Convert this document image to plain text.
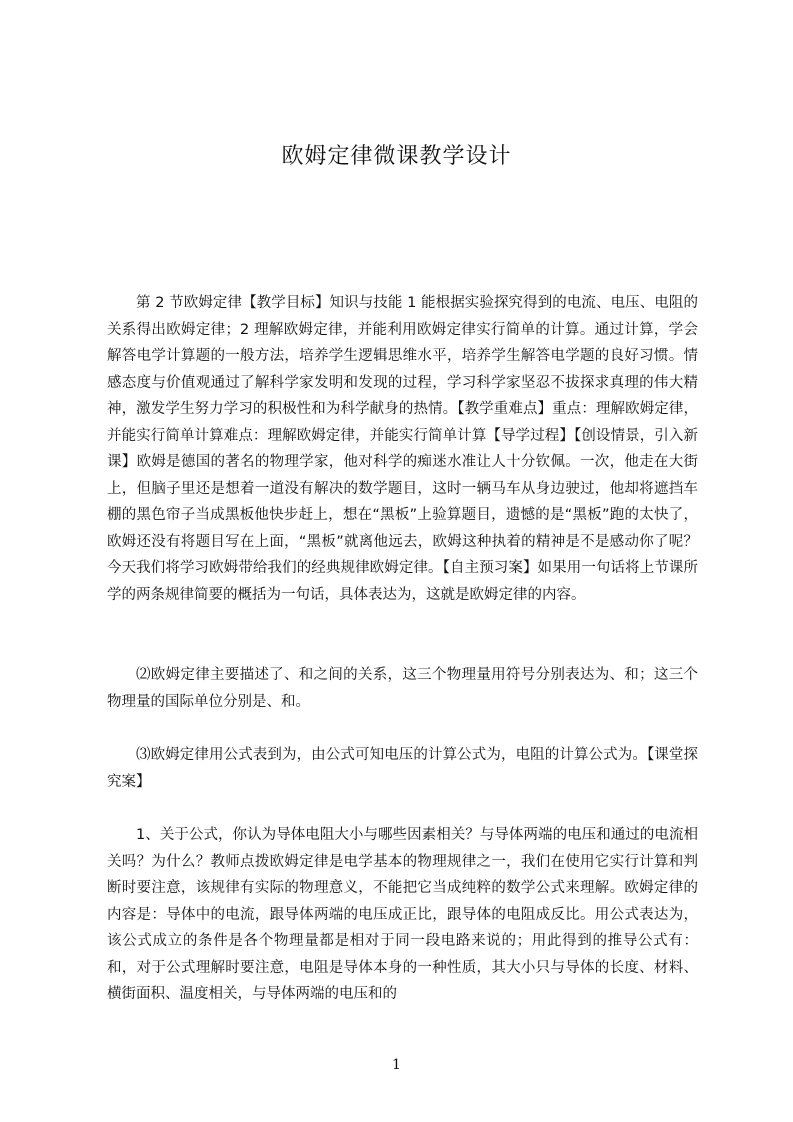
欧姆定律微课教学设计

第 2 节欧姆定律【教学目标】知识与技能 1 能根据实验探究得到的电流、电压、电阻的关系得出欧姆定律；2 理解欧姆定律，并能利用欧姆定律实行简单的计算。通过计算，学会解答电学计算题的一般方法，培养学生逻辑思维水平，培养学生解答电学题的良好习惯。情感态度与价值观通过了解科学家发明和发现的过程，学习科学家坚忍不拔探求真理的伟大精神，激发学生努力学习的积极性和为科学献身的热情。【教学重难点】重点：理解欧姆定律，并能实行简单计算难点：理解欧姆定律，并能实行简单计算【导学过程】【创设情景，引入新课】欧姆是德国的著名的物理学家，他对科学的痴迷水准让人十分钦佩。一次，他走在大街上，但脑子里还是想着一道没有解决的数学题目，这时一辆马车从身边驶过，他却将遮挡车棚的黑色帘子当成黑板他快步赶上，想在“黑板”上验算题目，遗憾的是“黑板”跑的太快了，欧姆还没有将题目写在上面，“黑板”就离他远去，欧姆这种执着的精神是不是感动你了呢？今天我们将学习欧姆带给我们的经典规律欧姆定律。【自主预习案】如果用一句话将上节课所学的两条规律简要的概括为一句话，具体表达为，这就是欧姆定律的内容。

⑵欧姆定律主要描述了、和之间的关系，这三个物理量用符号分别表达为、和；这三个物理量的国际单位分别是、和。

⑶欧姆定律用公式表到为，由公式可知电压的计算公式为，电阻的计算公式为。【课堂探究案】

1、关于公式，你认为导体电阻大小与哪些因素相关？与导体两端的电压和通过的电流相关吗？为什么？教师点拨欧姆定律是电学基本的物理规律之一，我们在使用它实行计算和判断时要注意，该规律有实际的物理意义，不能把它当成纯粹的数学公式来理解。欧姆定律的内容是：导体中的电流，跟导体两端的电压成正比，跟导体的电阻成反比。用公式表达为，该公式成立的条件是各个物理量都是相对于同一段电路来说的；用此得到的推导公式有：和，对于公式理解时要注意，电阻是导体本身的一种性质，其大小只与导体的长度、材料、横街面积、温度相关，与导体两端的电压和的

1
